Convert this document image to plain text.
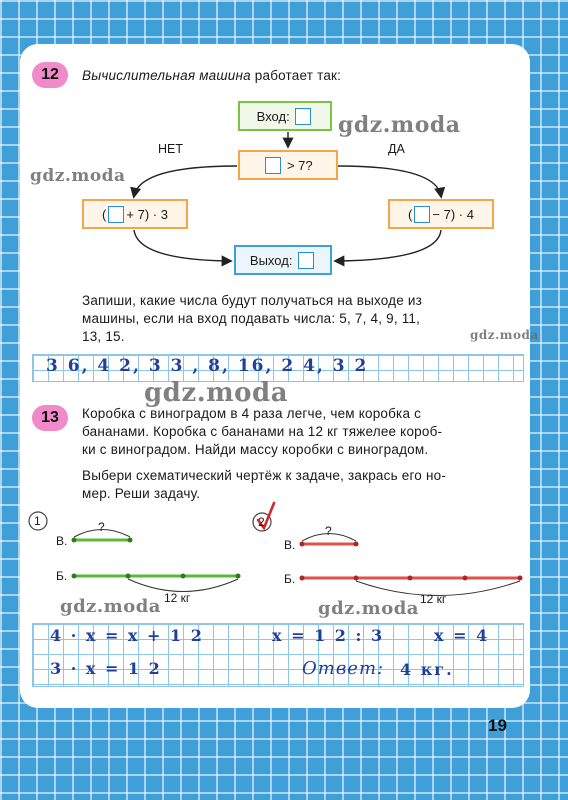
12 Вычислительная машина работает так:
Вход:

НЕТ	ДА

> 7?
( + 7) · 3	( − 7) · 4
Выход:

Запиши, какие числа будут получаться на выходе из
машины, если на вход подавать числа: 5, 7, 4, 9, 11,
13, 15.
3 6, 4 2, 3 3 , 8, 16, 2 4, 3 2
13 Коробка с виноградом в 4 раза легче, чем коробка с
бананами. Коробка с бананами на 12 кг тяжелее короб-
ки с виноградом. Найди массу коробки с виноградом.
Выбери схематический чертёж к задаче, закрась его но-
мер. Реши задачу.
1
В.
?
Б.
12 кг
2
В.
?
Б.
12 кг
4 · x = x + 1 2	x = 1 2 : 3	x = 4
3 · x = 1 2	Ответ: 4 кг.
gdz.moda
gdz.moda
gdz.moda
gdz.moda
gdz.moda	gdz.moda
19
